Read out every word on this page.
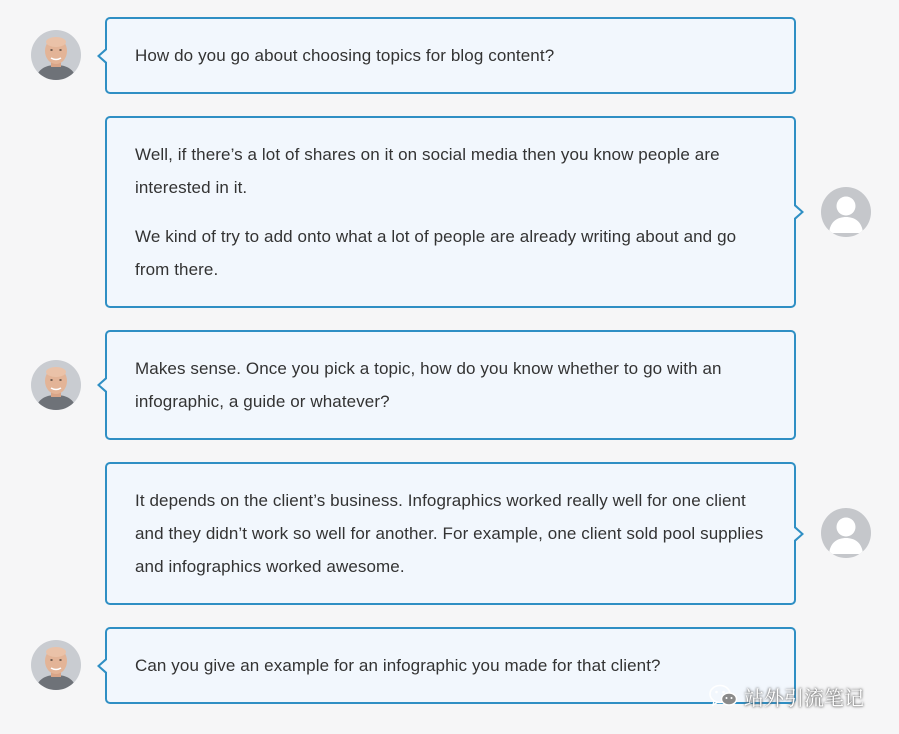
How do you go about choosing topics for blog content?

Well, if there’s a lot of shares on it on social media then you know people are interested in it.

We kind of try to add onto what a lot of people are already writing about and go from there.

Makes sense. Once you pick a topic, how do you know whether to go with an infographic, a guide or whatever?

It depends on the client’s business. Infographics worked really well for one client and they didn’t work so well for another. For example, one client sold pool supplies and infographics worked awesome.

Can you give an example for an infographic you made for that client?

站外引流笔记
